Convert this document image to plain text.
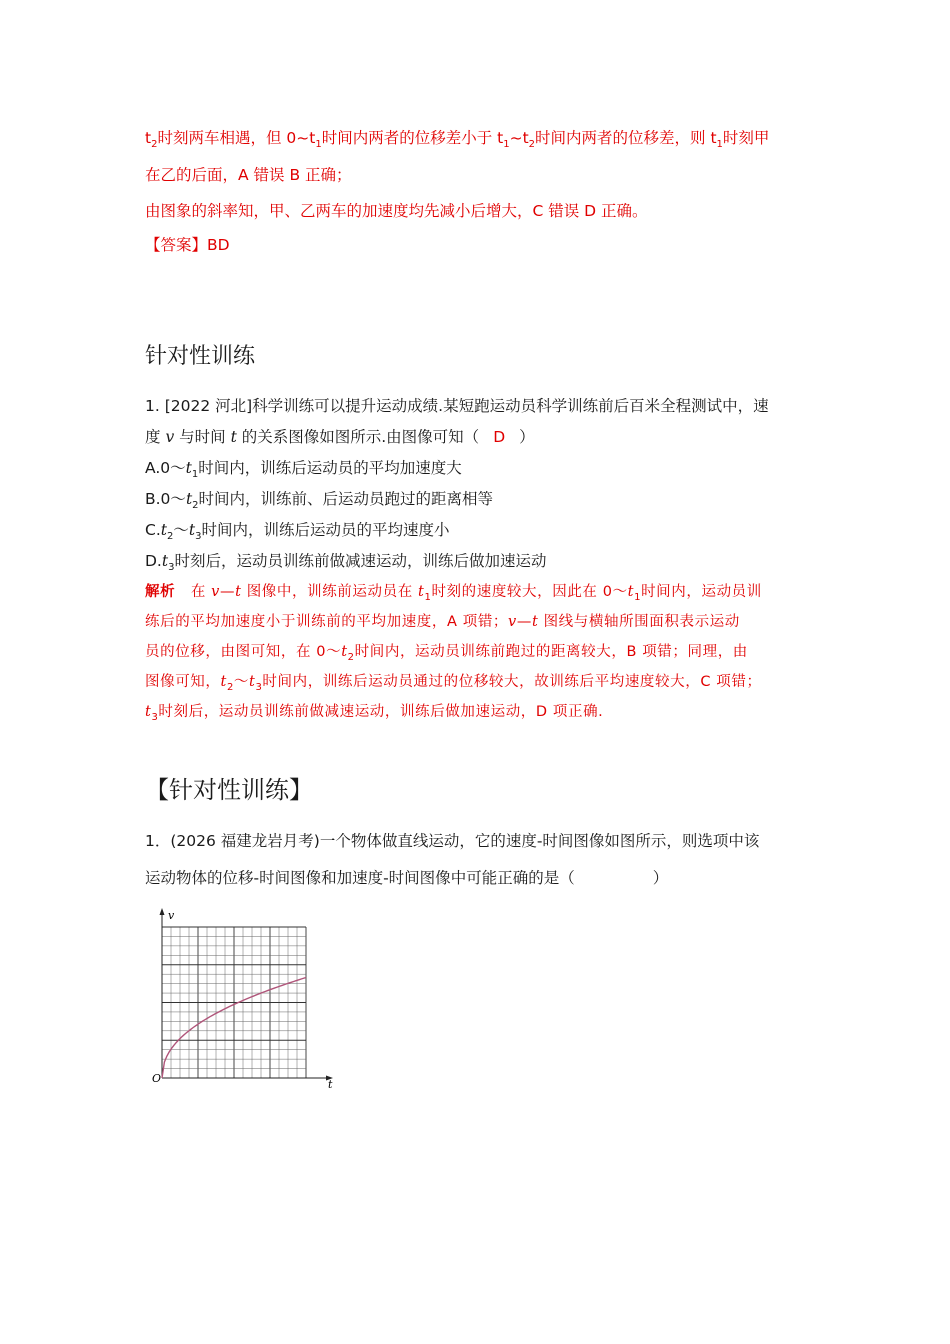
$t_2$时刻两车相遇，但 $0\sim t_1$时间内两者的位移差小于 $t_1\sim t_2$时间内两者的位移差，则 $t_1$时刻甲
在乙的后面，A 错误 B 正确；
由图象的斜率知，甲、乙两车的加速度均先减小后增大，C 错误 D 正确。
【答案】BD
针对性训练
1. [2022 河北]科学训练可以提升运动成绩.某短跑运动员科学训练前后百米全程测试中，速
度 v 与时间 t 的关系图像如图所示.由图像可知（ D ）
$A.0\sim t_1$时间内，训练后运动员的平均加速度大
$B.0\sim t_2$时间内，训练前、后运动员跑过的距离相等
$C.t_2\sim t_3$时间内，训练后运动员的平均速度小
$D.t_3$时刻后，运动员训练前做减速运动，训练后做加速运动
解析 在 v—t 图像中，训练前运动员在 $t_1$时刻的速度较大，因此在 $0\sim t_1$时间内，运动员训
练后的平均加速度小于训练前的平均加速度，A 项错；v—t 图线与横轴所围面积表示运动
员的位移，由图可知，在 $0\sim t_2$时间内，运动员训练前跑过的距离较大，B 项错；同理，由
图像可知，$t_2\sim t_3$时间内，训练后运动员通过的位移较大，故训练后平均速度较大，C 项错；
$t_3$时刻后，运动员训练前做减速运动，训练后做加速运动，D 项正确.
【针对性训练】
1．(2026 福建龙岩月考)一个物体做直线运动，它的速度-时间图像如图所示，则选项中该
运动物体的位移-时间图像和加速度-时间图像中可能正确的是（	）
v
t
O
